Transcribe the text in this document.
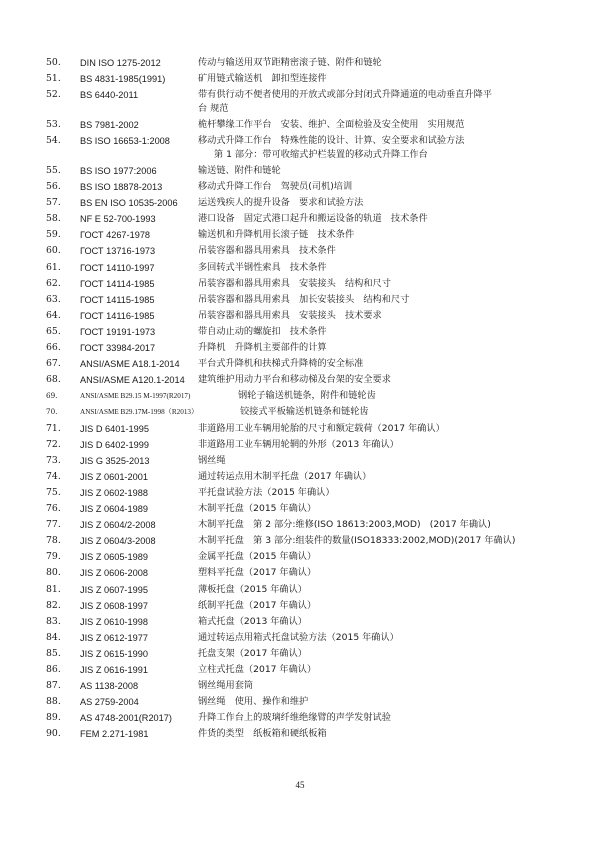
50.	DIN ISO 1275-2012	传动与输送用双节距精密滚子链、附件和链轮
51.	BS 4831-1985(1991)	矿用链式输送机　卸扣型连接件
52.	BS 6440-2011	带有供行动不便者使用的开放式或部分封闭式升降通道的电动垂直升降平
台 规范
53.	BS 7981-2002	桅杆攀缘工作平台　安装、维护、全面检验及安全使用　实用规范
54.	BS ISO 16653-1:2008	移动式升降工作台　特殊性能的设计、计算、安全要求和试验方法
第 1 部分：带可收缩式护栏装置的移动式升降工作台
55.	BS ISO 1977:2006	输送链、附件和链轮
56.	BS ISO 18878-2013	移动式升降工作台　驾驶员(司机)培训
57.	BS EN ISO 10535-2006 运送残疾人的提升设备　要求和试验方法
58.	NF E 52-700-1993	港口设备　固定式港口起升和搬运设备的轨道　技术条件
59.	ГОСТ 4267-1978	输送机和升降机用长滚子链　技术条件
60.	ГОСТ 13716-1973	吊装容器和器具用索具　技术条件
61.	ГОСТ 14110-1997	多回转式半钢性索具　技术条件
62.	ГОСТ 14114-1985	吊装容器和器具用索具　安装接头　结构和尺寸
63.	ГОСТ 14115-1985	吊装容器和器具用索具　加长安装接头　结构和尺寸
64.	ГОСТ 14116-1985	吊装容器和器具用索具　安装接头　技术要求
65.	ГОСТ 19191-1973	带自动止动的螺旋扣　技术条件
66.	ГОСТ 33984-2017	升降机　升降机主要部件的计算
67.	ANSI/ASME A18.1-2014 平台式升降机和扶梯式升降椅的安全标准
68.	ANSI/ASME A120.1-2014 建筑维护用动力平台和移动梯及台架的安全要求
69.	ANSI/ASME B29.15 M-1997(R2017)	钢轮子输送机链条，附件和链轮齿
70.	ANSI/ASME B29.17M-1998（R2013）	铰接式平板输送机链条和链轮齿
71.	JIS D 6401-1995	非道路用工业车辆用轮胎的尺寸和额定载荷（2017 年确认）
72.	JIS D 6402-1999	非道路用工业车辆用轮辋的外形（2013 年确认）
73.	JIS G 3525-2013	钢丝绳
74.	JIS Z 0601-2001	通过转运点用木制平托盘（2017 年确认）
75.	JIS Z 0602-1988	平托盘试验方法（2015 年确认）
76.	JIS Z 0604-1989	木制平托盘（2015 年确认）
77.	JIS Z 0604/2-2008	木制平托盘　第 2 部分:维修(ISO 18613:2003,MOD)　(2017 年确认)
78.	JIS Z 0604/3-2008	木制平托盘　第 3 部分:组装件的数量(ISO18333:2002,MOD)(2017 年确认)
79.	JIS Z 0605-1989	金属平托盘（2015 年确认）
80.	JIS Z 0606-2008	塑料平托盘（2017 年确认）
81.	JIS Z 0607-1995	薄板托盘（2015 年确认）
82.	JIS Z 0608-1997	纸制平托盘（2017 年确认）
83.	JIS Z 0610-1998	箱式托盘（2013 年确认）
84.	JIS Z 0612-1977	通过转运点用箱式托盘试验方法（2015 年确认）
85.	JIS Z 0615-1990	托盘支架（2017 年确认）
86.	JIS Z 0616-1991	立柱式托盘（2017 年确认）
87.	AS 1138-2008	钢丝绳用套筒
88.	AS 2759-2004	钢丝绳　使用、操作和维护
89.	AS 4748-2001(R2017)	升降工作台上的玻璃纤维绝缘臂的声学发射试验
90.	FEM 2.271-1981	件货的类型　纸板箱和硬纸板箱
45
